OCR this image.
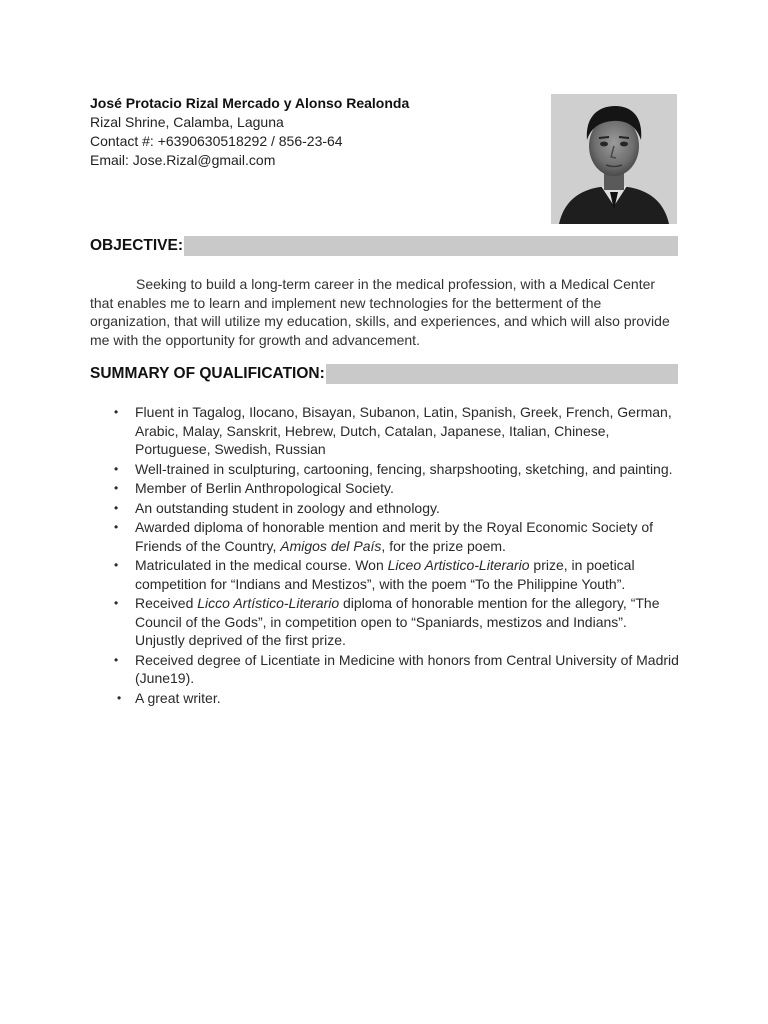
José Protacio Rizal Mercado y Alonso Realonda
Rizal Shrine, Calamba, Laguna
Contact #: +6390630518292 / 856-23-64
Email: Jose.Rizal@gmail.com
OBJECTIVE:
Seeking to build a long-term career in the medical profession, with a Medical Center that enables me to learn and implement new technologies for the betterment of the organization, that will utilize my education, skills, and experiences, and which will also provide me with the opportunity for growth and advancement.
SUMMARY OF QUALIFICATION:
• Fluent in Tagalog, Ilocano, Bisayan, Subanon, Latin, Spanish, Greek, French, German, Arabic, Malay, Sanskrit, Hebrew, Dutch, Catalan, Japanese, Italian, Chinese, Portuguese, Swedish, Russian
• Well-trained in sculpturing, cartooning, fencing, sharpshooting, sketching, and painting.
• Member of Berlin Anthropological Society.
• An outstanding student in zoology and ethnology.
• Awarded diploma of honorable mention and merit by the Royal Economic Society of Friends of the Country, Amigos del País, for the prize poem.
• Matriculated in the medical course. Won Liceo Artistico-Literario prize, in poetical competition for “Indians and Mestizos”, with the poem “To the Philippine Youth”.
• Received Licco Artístico-Literario diploma of honorable mention for the allegory, “The Council of the Gods”, in competition open to “Spaniards, mestizos and Indians”. Unjustly deprived of the first prize.
• Received degree of Licentiate in Medicine with honors from Central University of Madrid (June19).
• A great writer.
